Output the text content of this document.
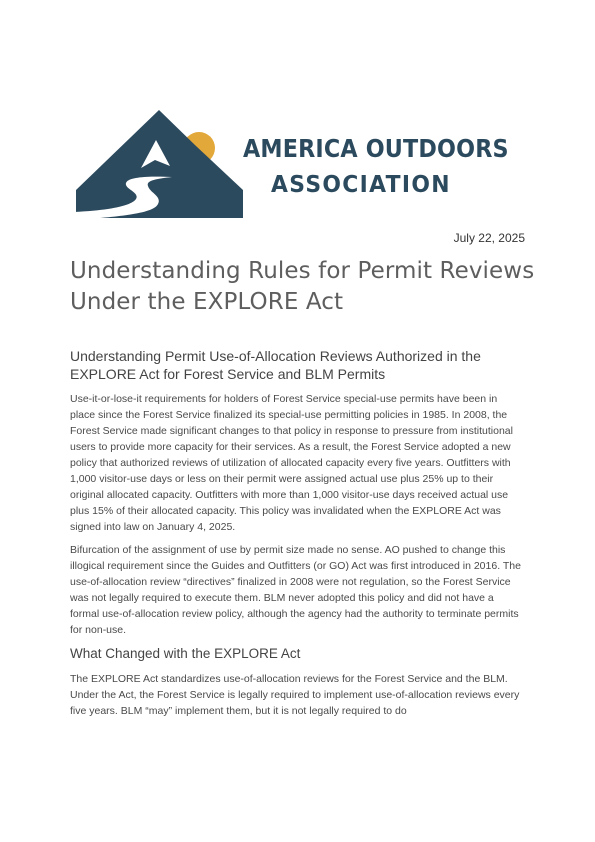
AMERICA OUTDOORS
ASSOCIATION

July 22, 2025

Understanding Rules for Permit Reviews Under the EXPLORE Act
Understanding Permit Use-of-Allocation Reviews Authorized in the EXPLORE Act for Forest Service and BLM Permits

Use-it-or-lose-it requirements for holders of Forest Service special-use permits have been in place since the Forest Service finalized its special-use permitting policies in 1985. In 2008, the Forest Service made significant changes to that policy in response to pressure from institutional users to provide more capacity for their services. As a result, the Forest Service adopted a new policy that authorized reviews of utilization of allocated capacity every five years. Outfitters with 1,000 visitor-use days or less on their permit were assigned actual use plus 25% up to their original allocated capacity. Outfitters with more than 1,000 visitor-use days received actual use plus 15% of their allocated capacity. This policy was invalidated when the EXPLORE Act was signed into law on January 4, 2025.

Bifurcation of the assignment of use by permit size made no sense. AO pushed to change this illogical requirement since the Guides and Outfitters (or GO) Act was first introduced in 2016. The use-of-allocation review “directives” finalized in 2008 were not regulation, so the Forest Service was not legally required to execute them. BLM never adopted this policy and did not have a formal use-of-allocation review policy, although the agency had the authority to terminate permits for non-use.

What Changed with the EXPLORE Act

The EXPLORE Act standardizes use-of-allocation reviews for the Forest Service and the BLM. Under the Act, the Forest Service is legally required to implement use-of-allocation reviews every five years. BLM “may” implement them, but it is not legally required to do
